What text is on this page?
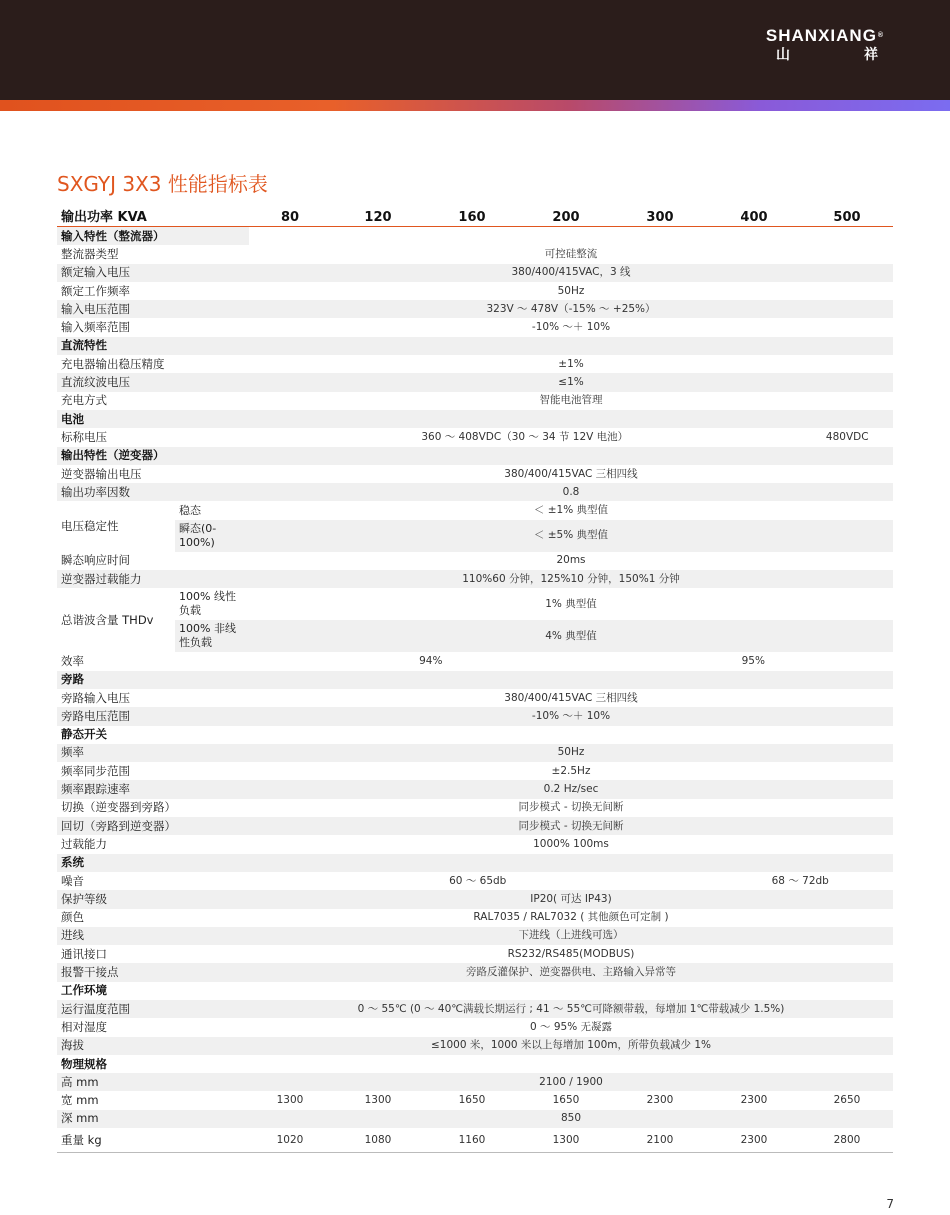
SHANXIANG®
山	祥
SXGYJ 3X3 性能指标表
输出功率 KVA		80	120	160	200	300	400	500
输入特性（整流器）								
整流器类型		可控硅整流						
额定输入电压		380/400/415VAC，3 线						
额定工作频率		50Hz						
输入电压范围		323V ～ 478V（-15% ～ +25%）						
输入频率范围		-10% ～＋ 10%						
直流特性								
充电器输出稳压精度		±1%						
直流纹波电压		≤1%						
充电方式		智能电池管理						
电池								
标称电压		360 ～ 408VDC（30 ～ 34 节 12V 电池）						480VDC
输出特性（逆变器）								
逆变器输出电压		380/400/415VAC 三相四线						
输出功率因数		0.8						
电压稳定性	稳态	＜ ±1% 典型值						
	瞬态(0-100%)	＜ ±5% 典型值						
瞬态响应时间		20ms						
逆变器过载能力		110%60 分钟，125%10 分钟，150%1 分钟						
总谐波含量 THDv	100% 线性负载	1% 典型值						
	100% 非线性负载	4% 典型值						
效率		94%				95%		
旁路								
旁路输入电压		380/400/415VAC 三相四线						
旁路电压范围		-10% ～＋ 10%						
静态开关								
频率		50Hz						
频率同步范围		±2.5Hz						
频率跟踪速率		0.2 Hz/sec						
切换（逆变器到旁路）		同步模式 - 切换无间断						
回切（旁路到逆变器）		同步模式 - 切换无间断						
过载能力		1000% 100ms						
系统								
噪音		60 ～ 65db					68 ～ 72db	
保护等级		IP20( 可达 IP43)						
颜色		RAL7035 / RAL7032 ( 其他颜色可定制 )						
进线		下进线（上进线可选）						
通讯接口		RS232/RS485(MODBUS)						
报警干接点		旁路反灌保护、逆变器供电、主路输入异常等						
工作环境								
运行温度范围		0 ～ 55℃ (0 ～ 40℃满载长期运行 ; 41 ～ 55℃可降额带载，每增加 1℃带载减少 1.5%)						
相对湿度		0 ～ 95% 无凝露						
海拔		≤1000 米，1000 米以上每增加 100m，所带负载减少 1%						
物理规格								
高 mm		2100 / 1900						
宽 mm		1300	1300	1650	1650	2300	2300	2650
深 mm		850						
重量 kg		1020	1080	1160	1300	2100	2300	2800
7
